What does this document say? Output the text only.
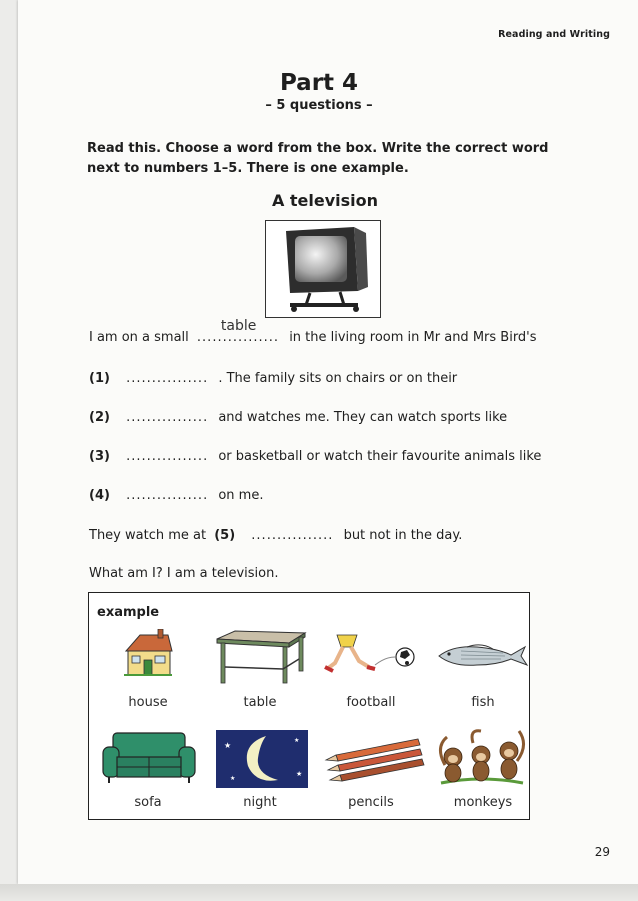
Reading and Writing
Part 4
– 5 questions –
Read this. Choose a word from the box. Write the correct word next to numbers 1–5. There is one example.
A television
I am on a small ................
table
in the living room in Mr and Mrs Bird's
(1) ................ . The family sits on chairs or on their
(2) ................ and watches me. They can watch sports like
(3) ................ or basketball or watch their favourite animals like
(4) ................ on me.
They watch me at (5) ................ but not in the day.
What am I? I am a television.
example
house	table	football	fish
★
★
★
★
sofa	night	pencils	monkeys
29
